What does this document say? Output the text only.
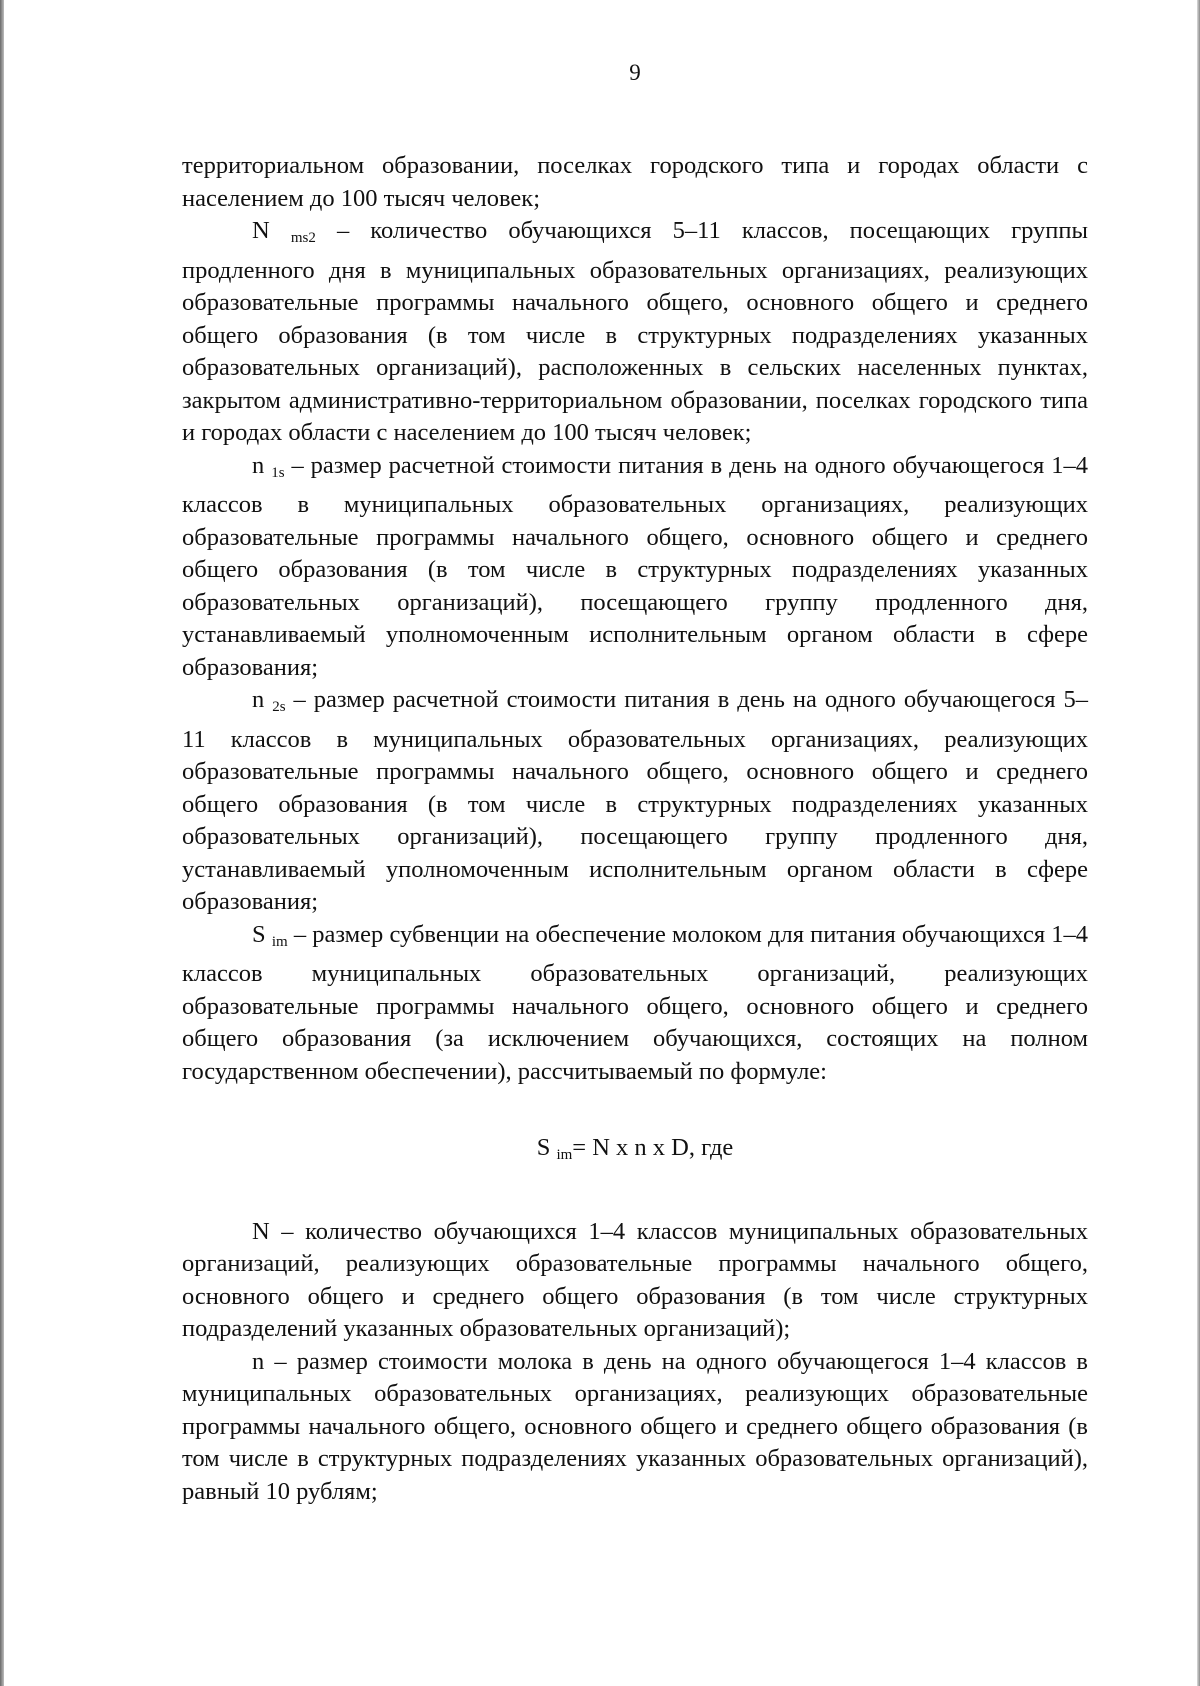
9

территориальном образовании, поселках городского типа и городах области с населением до 100 тысяч человек;

N $_{ms2}$ – количество обучающихся 5–11 классов, посещающих группы продленного дня в муниципальных образовательных организациях, реализующих образовательные программы начального общего, основного общего и среднего общего образования (в том числе в структурных подразделениях указанных образовательных организаций), расположенных в сельских населенных пунктах, закрытом административно-территориальном образовании, поселках городского типа и городах области с населением до 100 тысяч человек;

n $_{1s}$ – размер расчетной стоимости питания в день на одного обучающегося 1–4 классов в муниципальных образовательных организациях, реализующих образовательные программы начального общего, основного общего и среднего общего образования (в том числе в структурных подразделениях указанных образовательных организаций), посещающего группу продленного дня, устанавливаемый уполномоченным исполнительным органом области в сфере образования;

n $_{2s}$ – размер расчетной стоимости питания в день на одного обучающегося 5–11 классов в муниципальных образовательных организациях, реализующих образовательные программы начального общего, основного общего и среднего общего образования (в том числе в структурных подразделениях указанных образовательных организаций), посещающего группу продленного дня, устанавливаемый уполномоченным исполнительным органом области в сфере образования;

S $_{im}$ – размер субвенции на обеспечение молоком для питания обучающихся 1–4 классов муниципальных образовательных организаций, реализующих образовательные программы начального общего, основного общего и среднего общего образования (за исключением обучающихся, состоящих на полном государственном обеспечении), рассчитываемый по формуле:

S $_{im}$= N x n x D, где

N – количество обучающихся 1–4 классов муниципальных образовательных организаций, реализующих образовательные программы начального общего, основного общего и среднего общего образования (в том числе структурных подразделений указанных образовательных организаций);

n – размер стоимости молока в день на одного обучающегося 1–4 классов в муниципальных образовательных организациях, реализующих образовательные программы начального общего, основного общего и среднего общего образования (в том числе в структурных подразделениях указанных образовательных организаций), равный 10 рублям;
